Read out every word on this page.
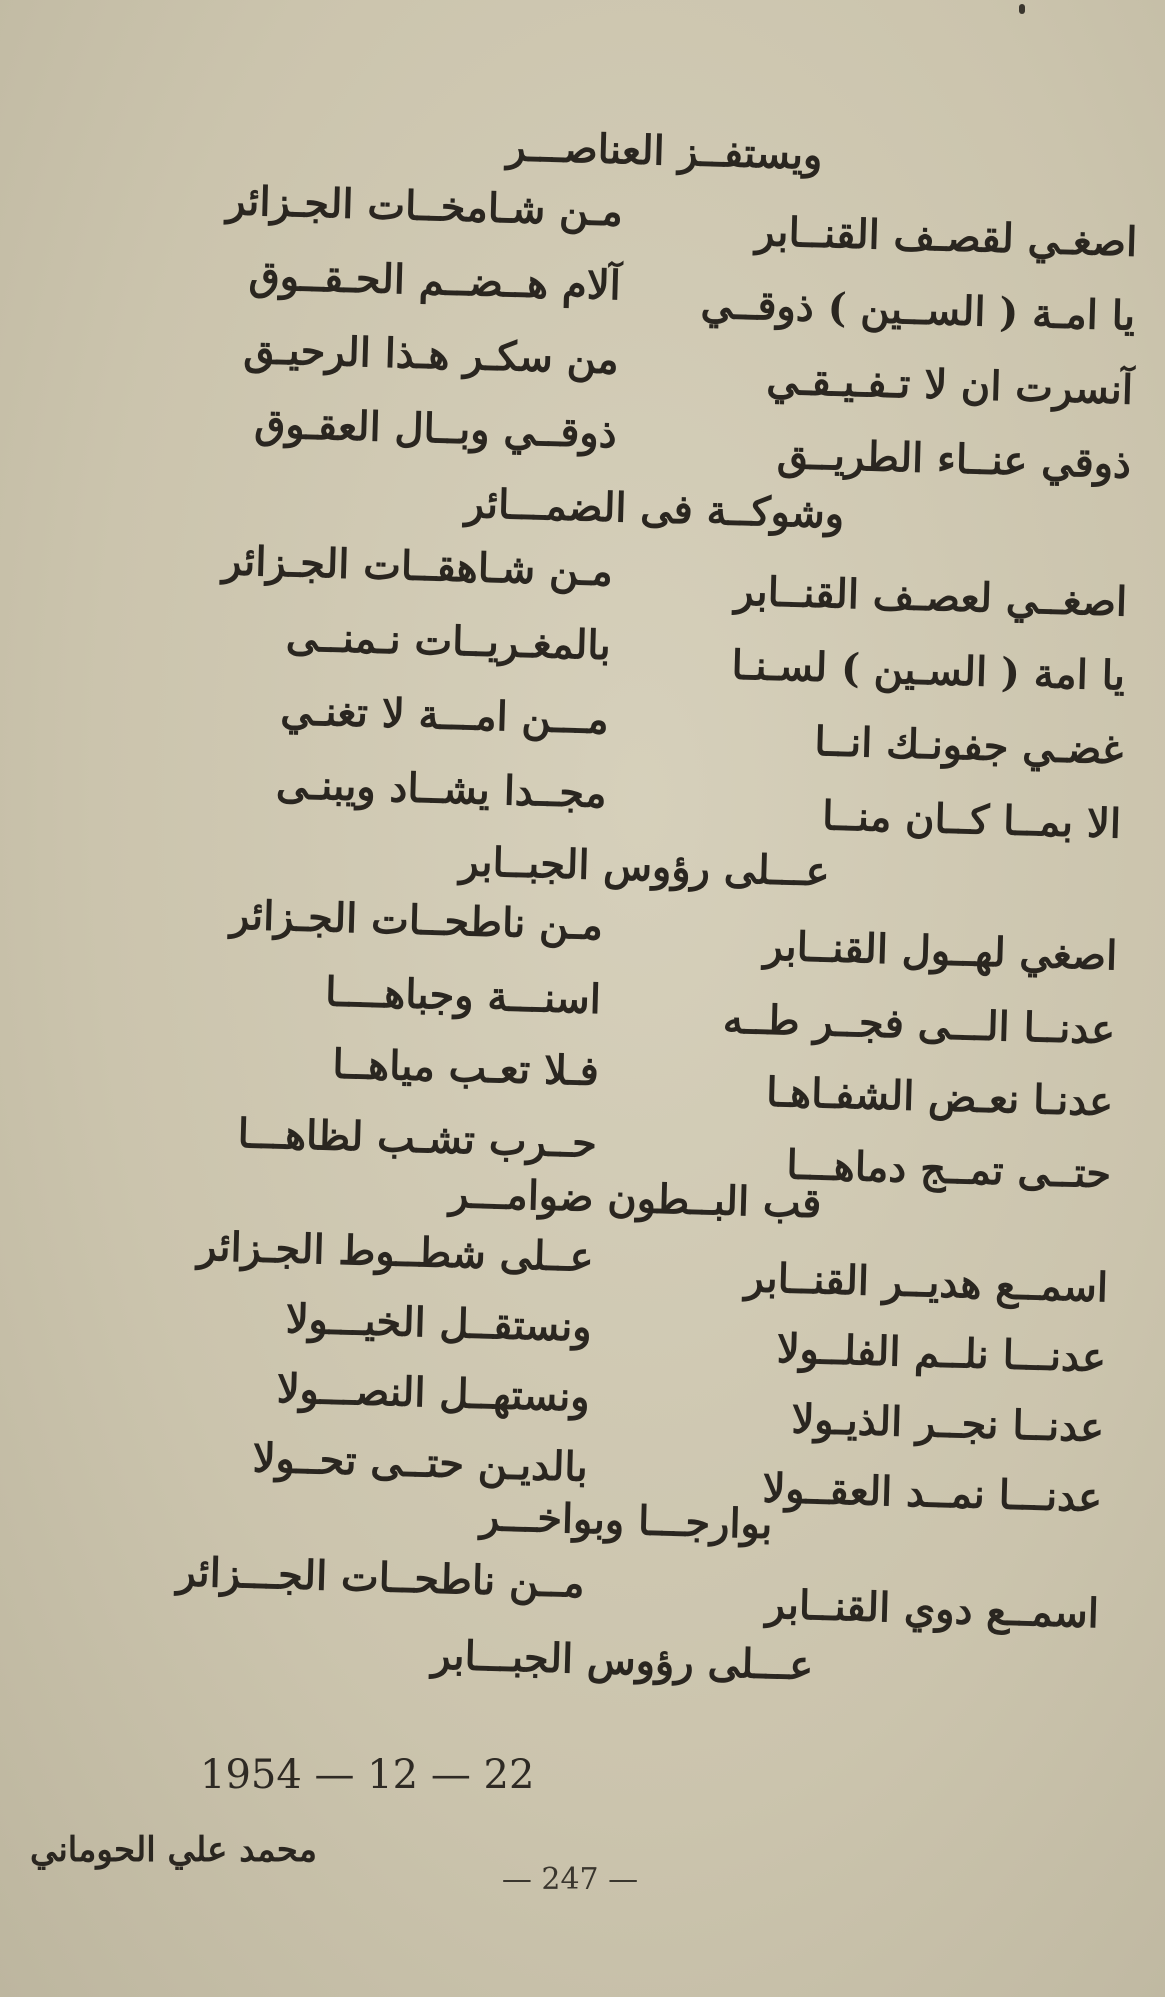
ويستفــز العناصـــر
اصغـي لقصـف القنــابر
مـن شـامخــات الجـزائر
يا امـة ( الســين ) ذوقــي
آلام هــضــم الحـقــوق
آنسرت ان لا تـفـيـقـي
من سكـر هـذا الرحيـق
ذوقي عنــاء الطريــق
ذوقــي وبــال العقـوق
وشوكــة فى الضمـــائر
اصغــي لعصـف القنــابر
مـن شـاهقــات الجـزائر
يا امة ( السـين ) لسـنـا
بالمغـريــات نـمنــى
غضـي جفونـك انــا
مـــن امـــة لا تغنـي
الا بمــا كــان منــا
مجــدا يشــاد ويبنـى
عـــلى رؤوس الجبــابر
اصغي لهــول القنــابر
مـن ناطحــات الجـزائر
عدنــا الـــى فجــر طــه
اسنـــة وجباهــــا
عدنـا نعـض الشفـاهـا
فـلا تعـب مياهــا
حتــى تمــج دماهـــا
حــرب تشـب لظاهـــا
قب البــطون ضوامـــر
اسمــع هديــر القنــابر
عــلى شطــوط الجـزائر
عدنـــا نلــم الفلــولا
ونستقــل الخيـــولا
عدنــا نجــر الذيـولا
ونستهــل النصـــولا
عدنـــا نمــد العقــولا
بالديـن حتــى تحــولا
بوارجـــا وبواخـــر
اسمــع دوي القنــابر
مــن ناطحــات الجـــزائر
عـــلى رؤوس الجبـــابر
1954 — 12 — 22
محمد علي الحوماني
— 247 —
